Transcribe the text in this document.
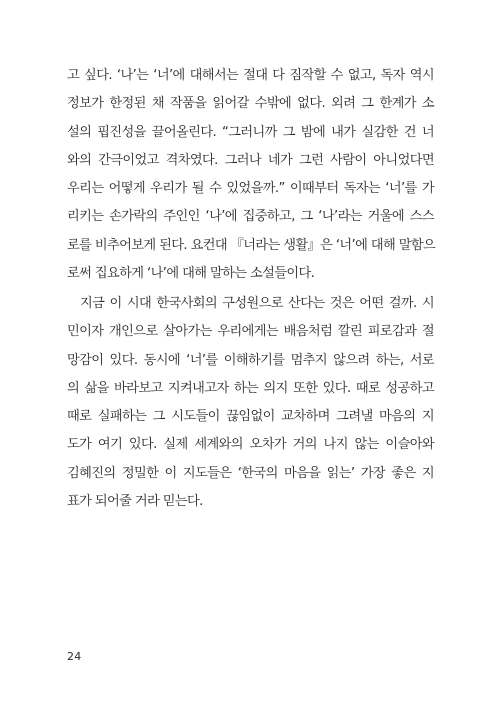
고 싶다. ‘나’는 ‘너’에 대해서는 절대 다 짐작할 수 없고, 독자 역시
정보가 한정된 채 작품을 읽어갈 수밖에 없다. 외려 그 한계가 소
설의 핍진성을 끌어올린다. “그러니까 그 밤에 내가 실감한 건 너
와의 간극이었고 격차였다. 그러나 네가 그런 사람이 아니었다면
우리는 어떻게 우리가 될 수 있었을까.” 이때부터 독자는 ‘너’를 가
리키는 손가락의 주인인 ‘나’에 집중하고, 그 ‘나’라는 거울에 스스
로를 비추어보게 된다. 요컨대 『너라는 생활』은 ‘너’에 대해 말함으
로써 집요하게 ‘나’에 대해 말하는 소설들이다.
지금 이 시대 한국사회의 구성원으로 산다는 것은 어떤 걸까. 시
민이자 개인으로 살아가는 우리에게는 배음처럼 깔린 피로감과 절
망감이 있다. 동시에 ‘너’를 이해하기를 멈추지 않으려 하는, 서로
의 삶을 바라보고 지켜내고자 하는 의지 또한 있다. 때로 성공하고
때로 실패하는 그 시도들이 끊임없이 교차하며 그려낼 마음의 지
도가 여기 있다. 실제 세계와의 오차가 거의 나지 않는 이슬아와
김혜진의 정밀한 이 지도들은 ‘한국의 마음을 읽는’ 가장 좋은 지
표가 되어줄 거라 믿는다.
24
